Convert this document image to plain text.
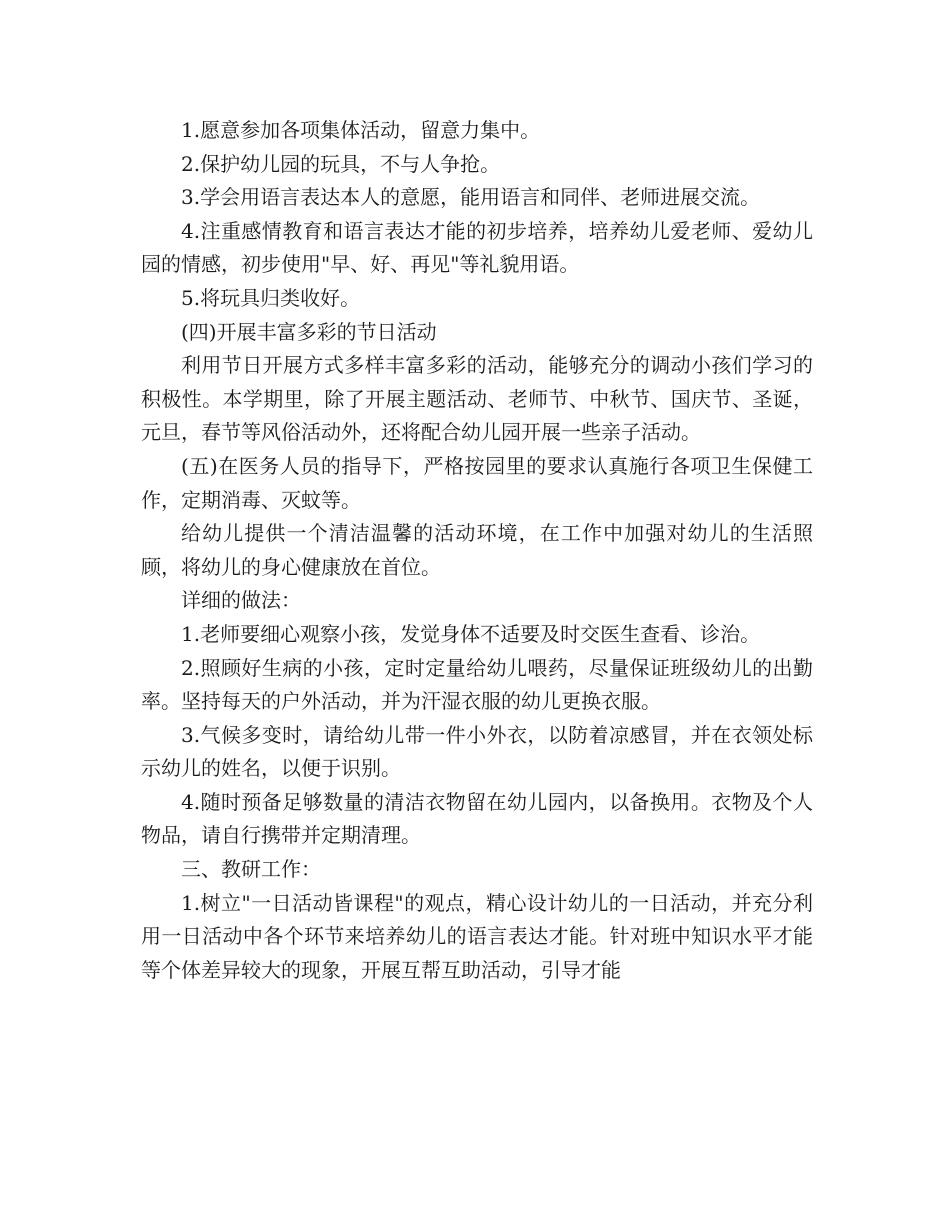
1.愿意参加各项集体活动，留意力集中。

2.保护幼儿园的玩具，不与人争抢。

3.学会用语言表达本人的意愿，能用语言和同伴、老师进展交流。

4.注重感情教育和语言表达才能的初步培养，培养幼儿爱老师、爱幼儿园的情感，初步使用"早、好、再见"等礼貌用语。

5.将玩具归类收好。

(四)开展丰富多彩的节日活动

利用节日开展方式多样丰富多彩的活动，能够充分的调动小孩们学习的积极性。本学期里，除了开展主题活动、老师节、中秋节、国庆节、圣诞，元旦，春节等风俗活动外，还将配合幼儿园开展一些亲子活动。

(五)在医务人员的指导下，严格按园里的要求认真施行各项卫生保健工作，定期消毒、灭蚊等。

给幼儿提供一个清洁温馨的活动环境，在工作中加强对幼儿的生活照顾，将幼儿的身心健康放在首位。

详细的做法：

1.老师要细心观察小孩，发觉身体不适要及时交医生查看、诊治。

2.照顾好生病的小孩，定时定量给幼儿喂药，尽量保证班级幼儿的出勤率。坚持每天的户外活动，并为汗湿衣服的幼儿更换衣服。

3.气候多变时，请给幼儿带一件小外衣，以防着凉感冒，并在衣领处标示幼儿的姓名，以便于识别。

4.随时预备足够数量的清洁衣物留在幼儿园内，以备换用。衣物及个人物品，请自行携带并定期清理。

三、教研工作：

1.树立"一日活动皆课程"的观点，精心设计幼儿的一日活动，并充分利用一日活动中各个环节来培养幼儿的语言表达才能。针对班中知识水平才能等个体差异较大的现象，开展互帮互助活动，引导才能
